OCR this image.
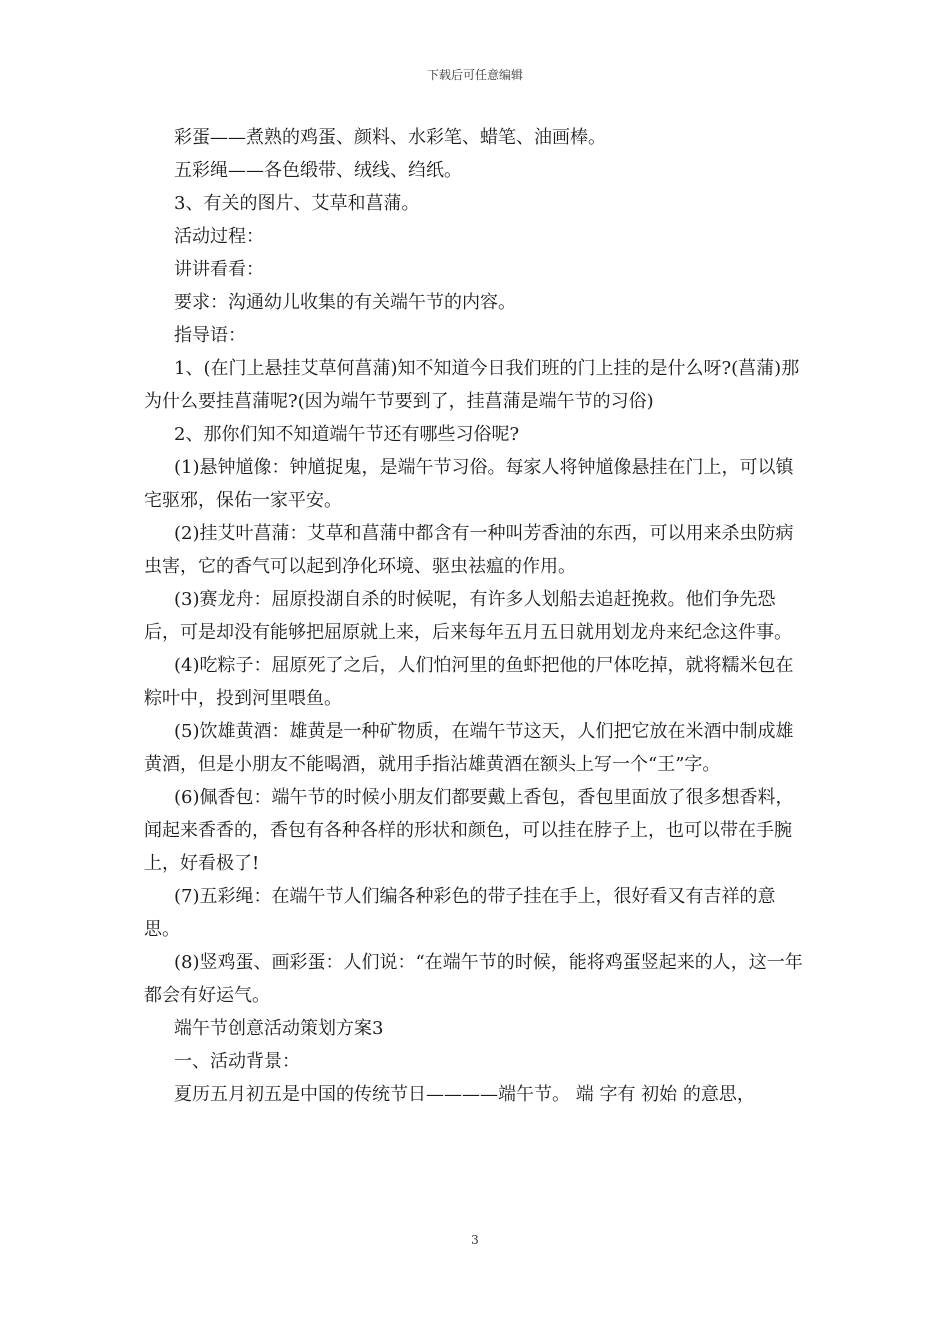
下载后可任意编辑

彩蛋——煮熟的鸡蛋、颜料、水彩笔、蜡笔、油画棒。

五彩绳——各色缎带、绒线、绉纸。

3、有关的图片、艾草和菖蒲。

活动过程：

讲讲看看：

要求：沟通幼儿收集的有关端午节的内容。

指导语：

1、(在门上悬挂艾草何菖蒲)知不知道今日我们班的门上挂的是什么呀?(菖蒲)那为什么要挂菖蒲呢?(因为端午节要到了，挂菖蒲是端午节的习俗)

2、那你们知不知道端午节还有哪些习俗呢?

(1)悬钟馗像：钟馗捉鬼，是端午节习俗。每家人将钟馗像悬挂在门上，可以镇宅驱邪，保佑一家平安。

(2)挂艾叶菖蒲：艾草和菖蒲中都含有一种叫芳香油的东西，可以用来杀虫防病虫害，它的香气可以起到净化环境、驱虫祛瘟的作用。

(3)赛龙舟：屈原投湖自杀的时候呢，有许多人划船去追赶挽救。他们争先恐后，可是却没有能够把屈原就上来，后来每年五月五日就用划龙舟来纪念这件事。

(4)吃粽子：屈原死了之后，人们怕河里的鱼虾把他的尸体吃掉，就将糯米包在粽叶中，投到河里喂鱼。

(5)饮雄黄酒：雄黄是一种矿物质，在端午节这天，人们把它放在米酒中制成雄黄酒，但是小朋友不能喝酒，就用手指沾雄黄酒在额头上写一个“王”字。

(6)佩香包：端午节的时候小朋友们都要戴上香包，香包里面放了很多想香料，闻起来香香的，香包有各种各样的形状和颜色，可以挂在脖子上，也可以带在手腕上，好看极了!

(7)五彩绳：在端午节人们编各种彩色的带子挂在手上，很好看又有吉祥的意思。

(8)竖鸡蛋、画彩蛋：人们说：“在端午节的时候，能将鸡蛋竖起来的人，这一年都会有好运气。

端午节创意活动策划方案3

一、活动背景：

夏历五月初五是中国的传统节日————端午节。 端 字有 初始 的意思，

3
